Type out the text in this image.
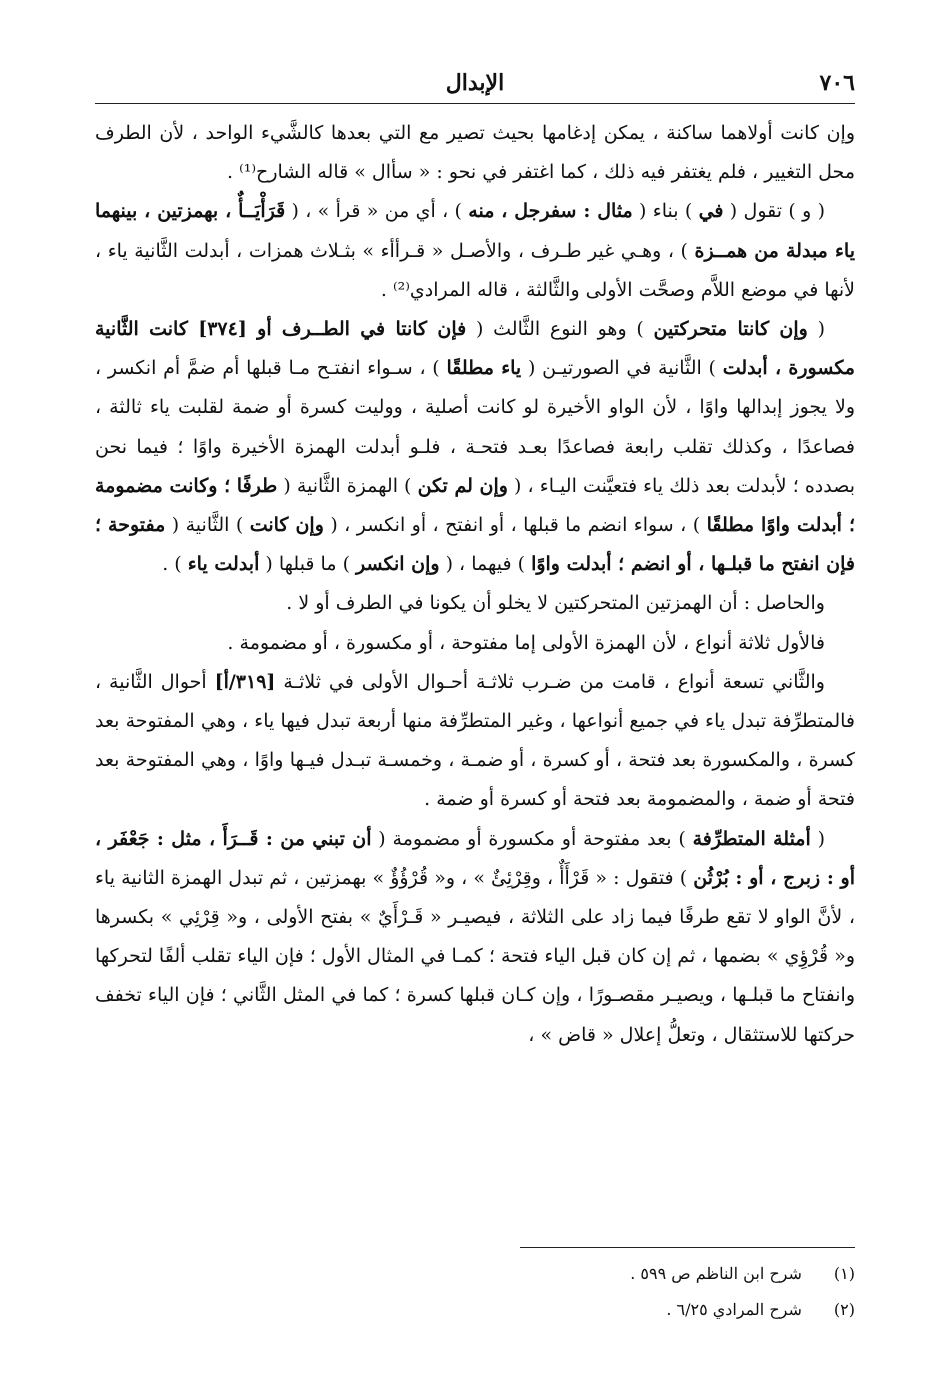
٧٠٦
الإبدال

وإن كانت أولاهما ساكنة ، يمكن إدغامها بحيث تصير مع التي بعدها كالشَّيء الواحد ، لأن الطرف محل التغيير ، فلم يغتفر فيه ذلك ، كما اغتفر في نحو : « سأال » قاله الشارح⁽¹⁾ .

( و ) تقول ( في ) بناء ( مثال : سفرجل ، منه ) ، أي من « قرأ » ، ( قَرَأْيَــأٌ ، بهمزتين ، بينهما ياء مبدلة من همــزة ) ، وهـي غير طـرف ، والأصـل « قـرأأء » بثـلاث همزات ، أبدلت الثَّانية ياء ، لأنها في موضع اللاَّم وصحَّت الأولى والثَّالثة ، قاله المرادي⁽²⁾ .

( وإن كانتا متحركتين ) وهو النوع الثَّالث ( فإن كانتا في الطــرف أو [٣٧٤] كانت الثَّانية مكسورة ، أبدلت ) الثَّانية في الصورتيـن ( ياء مطلقًا ) ، سـواء انفتـح مـا قبلها أم ضمَّ أم انكسر ، ولا يجوز إبدالها واوًا ، لأن الواو الأخيرة لو كانت أصلية ، ووليت كسرة أو ضمة لقلبت ياء ثالثة ، فصاعدًا ، وكذلك تقلب رابعة فصاعدًا بعـد فتحـة ، فلـو أبدلت الهمزة الأخيرة واوًا ؛ فيما نحن بصدده ؛ لأبدلت بعد ذلك ياء فتعيَّنت اليـاء ، ( وإن لم تكن ) الهمزة الثَّانية ( طرفًا ؛ وكانت مضمومة ؛ أبدلت واوًا مطلقًا ) ، سواء انضم ما قبلها ، أو انفتح ، أو انكسر ، ( وإن كانت ) الثَّانية ( مفتوحة ؛ فإن انفتح ما قبلـها ، أو انضم ؛ أبدلت واوًا ) فيهما ، ( وإن انكسر ) ما قبلها ( أبدلت ياء ) .

والحاصل : أن الهمزتين المتحركتين لا يخلو أن يكونا في الطرف أو لا .

فالأول ثلاثة أنواع ، لأن الهمزة الأولى إما مفتوحة ، أو مكسورة ، أو مضمومة .

والثَّاني تسعة أنواع ، قامت من ضـرب ثلاثـة أحـوال الأولى في ثلاثـة [٣١٩/أ] أحوال الثَّانية ، فالمتطرِّفة تبدل ياء في جميع أنواعها ، وغير المتطرِّفة منها أربعة تبدل فيها ياء ، وهي المفتوحة بعد كسرة ، والمكسورة بعد فتحة ، أو كسرة ، أو ضمـة ، وخمسـة تبـدل فيـها واوًا ، وهي المفتوحة بعد فتحة أو ضمة ، والمضمومة بعد فتحة أو كسرة أو ضمة .

( أمثلة المتطرِّفة ) بعد مفتوحة أو مكسورة أو مضمومة ( أن تبني من : قَــرَأَ ، مثل : جَعْفَر ، أو : زبرج ، أو : بُرْثُن ) فتقول : « قَرْأَأٌ ، وقِرْئِئٌ » ، و« قُرْؤُؤٌ » بهمزتين ، ثم تبدل الهمزة الثانية ياء ، لأنَّ الواو لا تقع طرفًا فيما زاد على الثلاثة ، فيصيـر « قَـرْأَيٌ » بفتح الأولى ، و« قِرْئِي » بكسرها و« قُرْؤِي » بضمها ، ثم إن كان قبل الياء فتحة ؛ كمـا في المثال الأول ؛ فإن الياء تقلب ألفًا لتحركها وانفتاح ما قبلـها ، ويصيـر مقصـورًا ، وإن كـان قبلها كسرة ؛ كما في المثل الثَّاني ؛ فإن الياء تخفف حركتها للاستثقال ، وتعلُّ إعلال « قاض » ،

(١) شرح ابن الناظم ص ٥٩٩ .
(٢) شرح المرادي ٦/٢٥ .
